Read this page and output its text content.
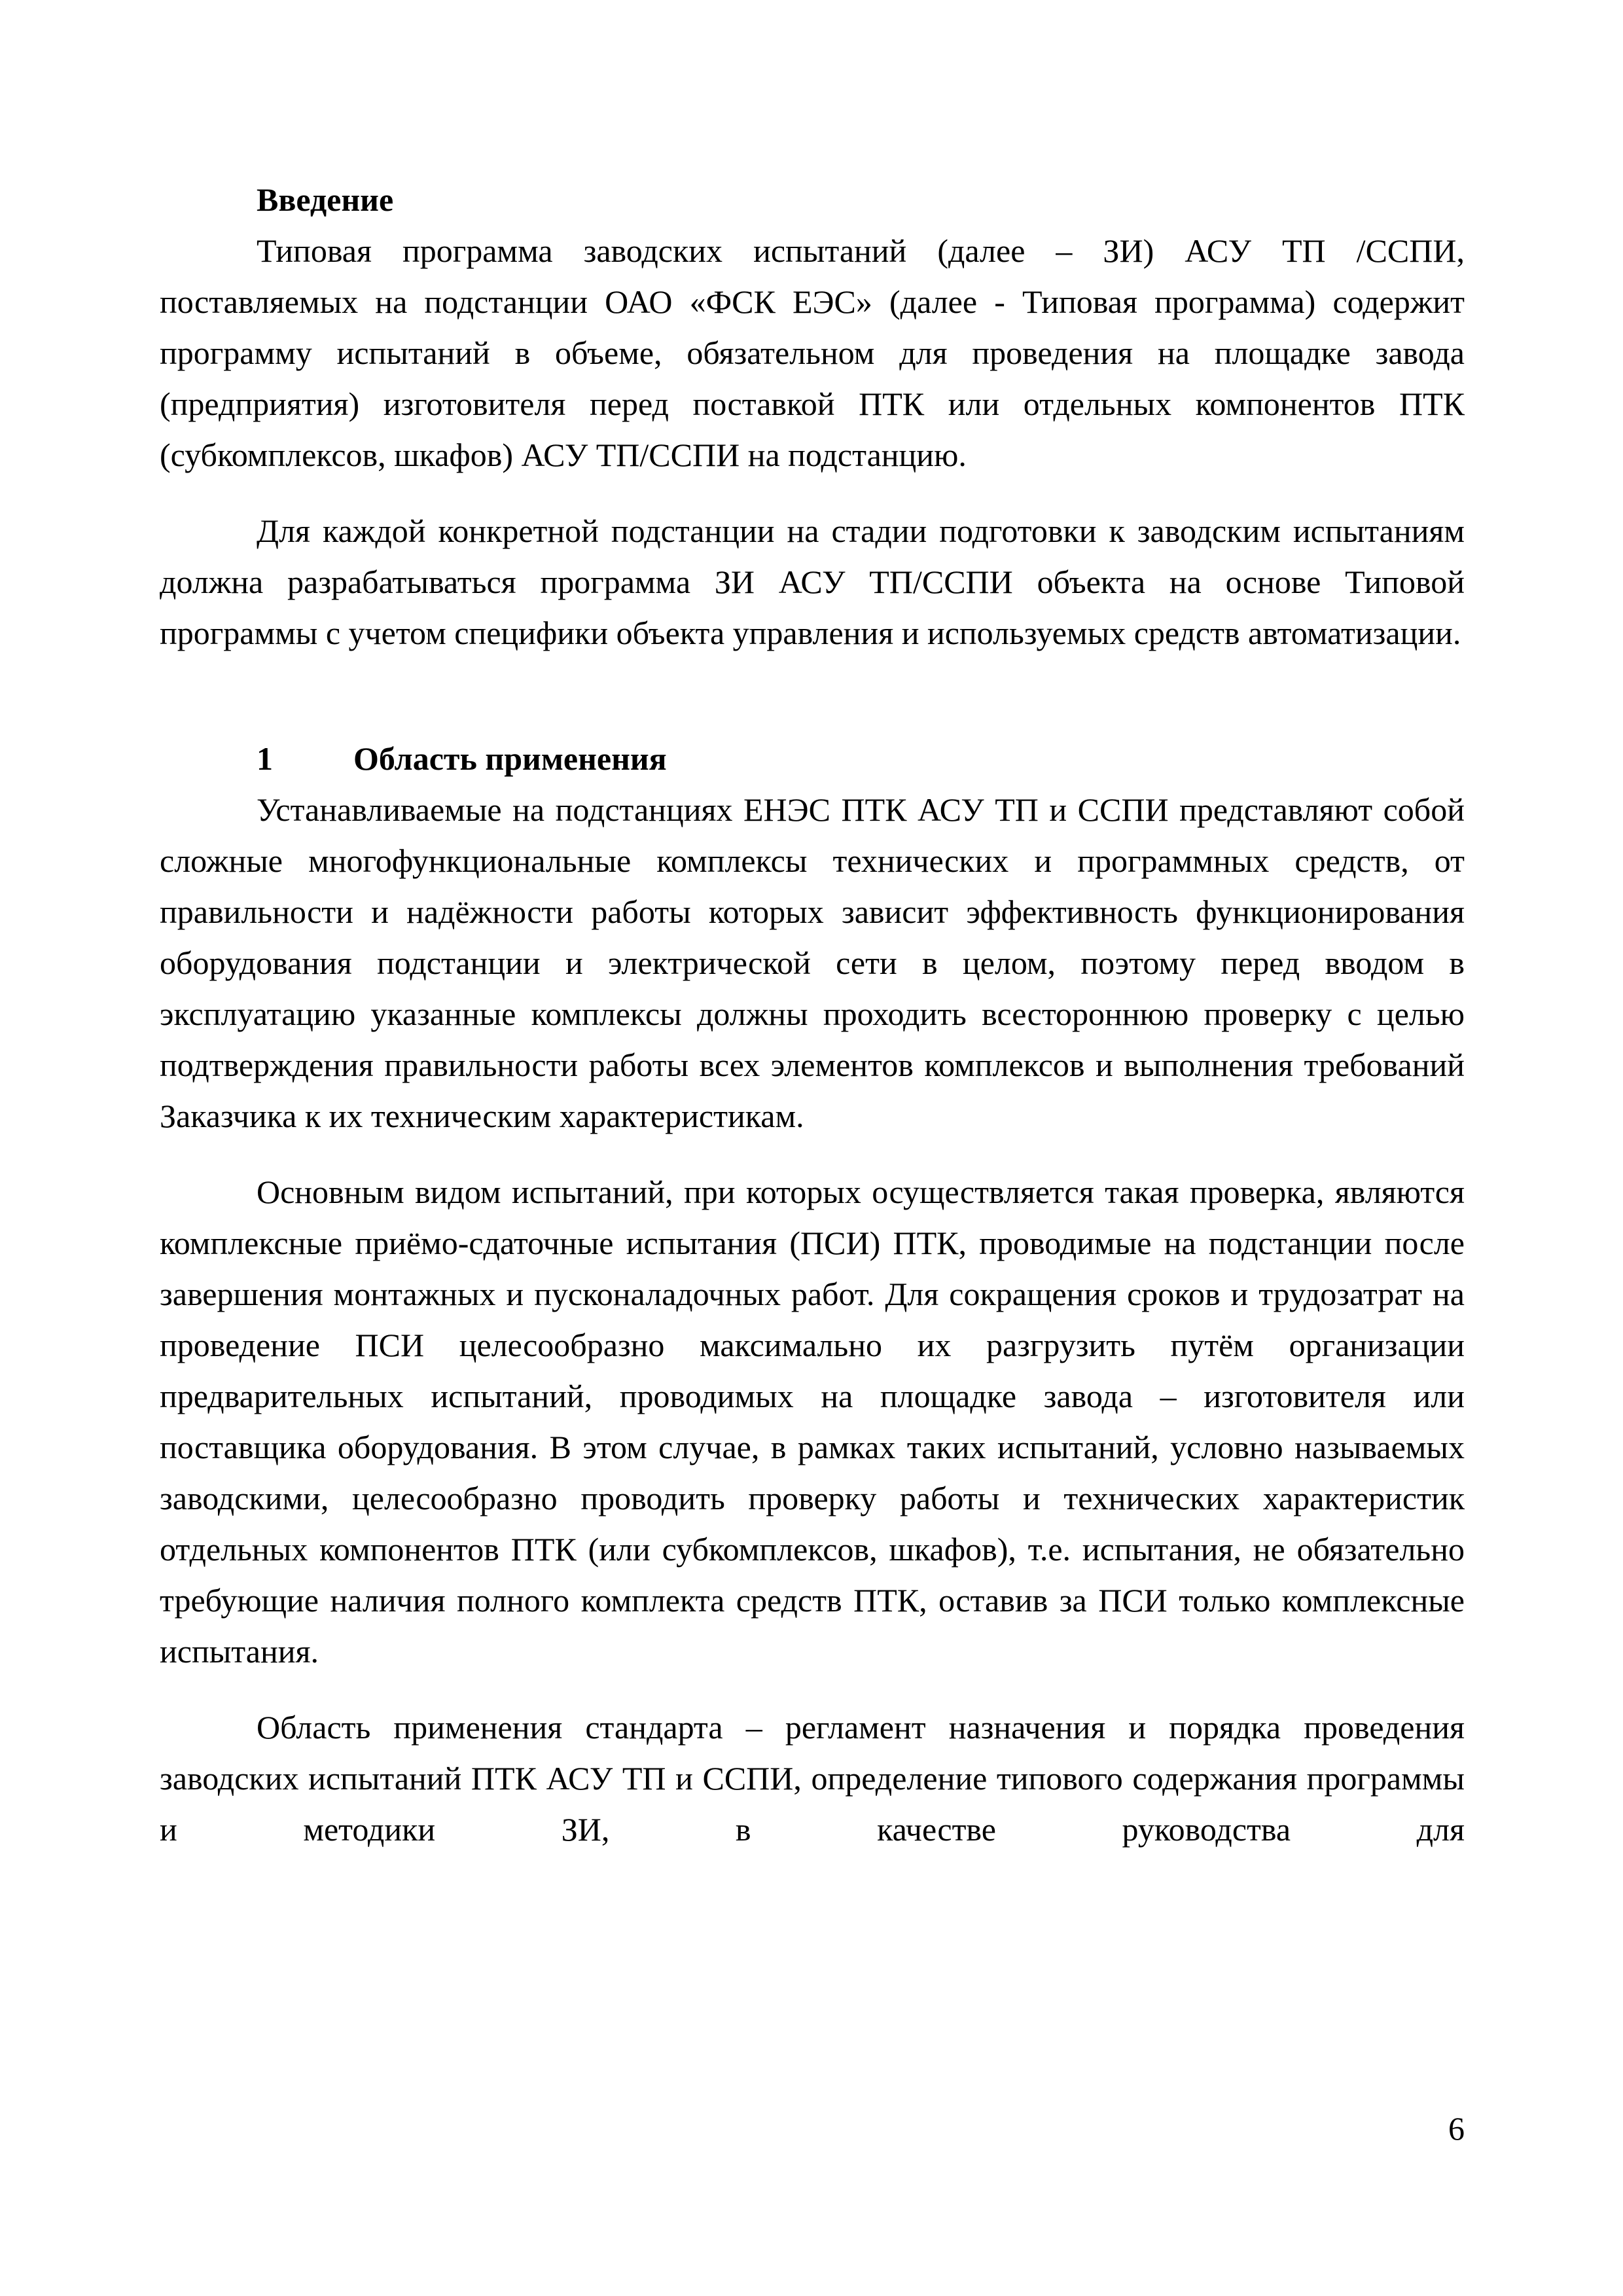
Введение

Типовая программа заводских испытаний (далее – ЗИ) АСУ ТП /ССПИ, поставляемых на подстанции ОАО «ФСК ЕЭС» (далее - Типовая программа) содержит программу испытаний в объеме, обязательном для проведения на площадке завода (предприятия) изготовителя перед поставкой ПТК или отдельных компонентов ПТК (субкомплексов, шкафов) АСУ ТП/ССПИ на подстанцию.

Для каждой конкретной подстанции на стадии подготовки к заводским испытаниям должна разрабатываться программа ЗИ АСУ ТП/ССПИ объекта на основе Типовой программы с учетом специфики объекта управления и используемых средств автоматизации.

1 Область применения

Устанавливаемые на подстанциях ЕНЭС ПТК АСУ ТП и ССПИ представляют собой сложные многофункциональные комплексы технических и программных средств, от правильности и надёжности работы которых зависит эффективность функционирования оборудования подстанции и электрической сети в целом, поэтому перед вводом в эксплуатацию указанные комплексы должны проходить всестороннюю проверку с целью подтверждения правильности работы всех элементов комплексов и выполнения требований Заказчика к их техническим характеристикам.

Основным видом испытаний, при которых осуществляется такая проверка, являются комплексные приёмо-сдаточные испытания (ПСИ) ПТК, проводимые на подстанции после завершения монтажных и пусконаладочных работ. Для сокращения сроков и трудозатрат на проведение ПСИ целесообразно максимально их разгрузить путём организации предварительных испытаний, проводимых на площадке завода – изготовителя или поставщика оборудования. В этом случае, в рамках таких испытаний, условно называемых заводскими, целесообразно проводить проверку работы и технических характеристик отдельных компонентов ПТК (или субкомплексов, шкафов), т.е. испытания, не обязательно требующие наличия полного комплекта средств ПТК, оставив за ПСИ только комплексные испытания.

Область применения стандарта – регламент назначения и порядка проведения заводских испытаний ПТК АСУ ТП и ССПИ, определение типового содержания программы и методики ЗИ, в качестве руководства для

6
